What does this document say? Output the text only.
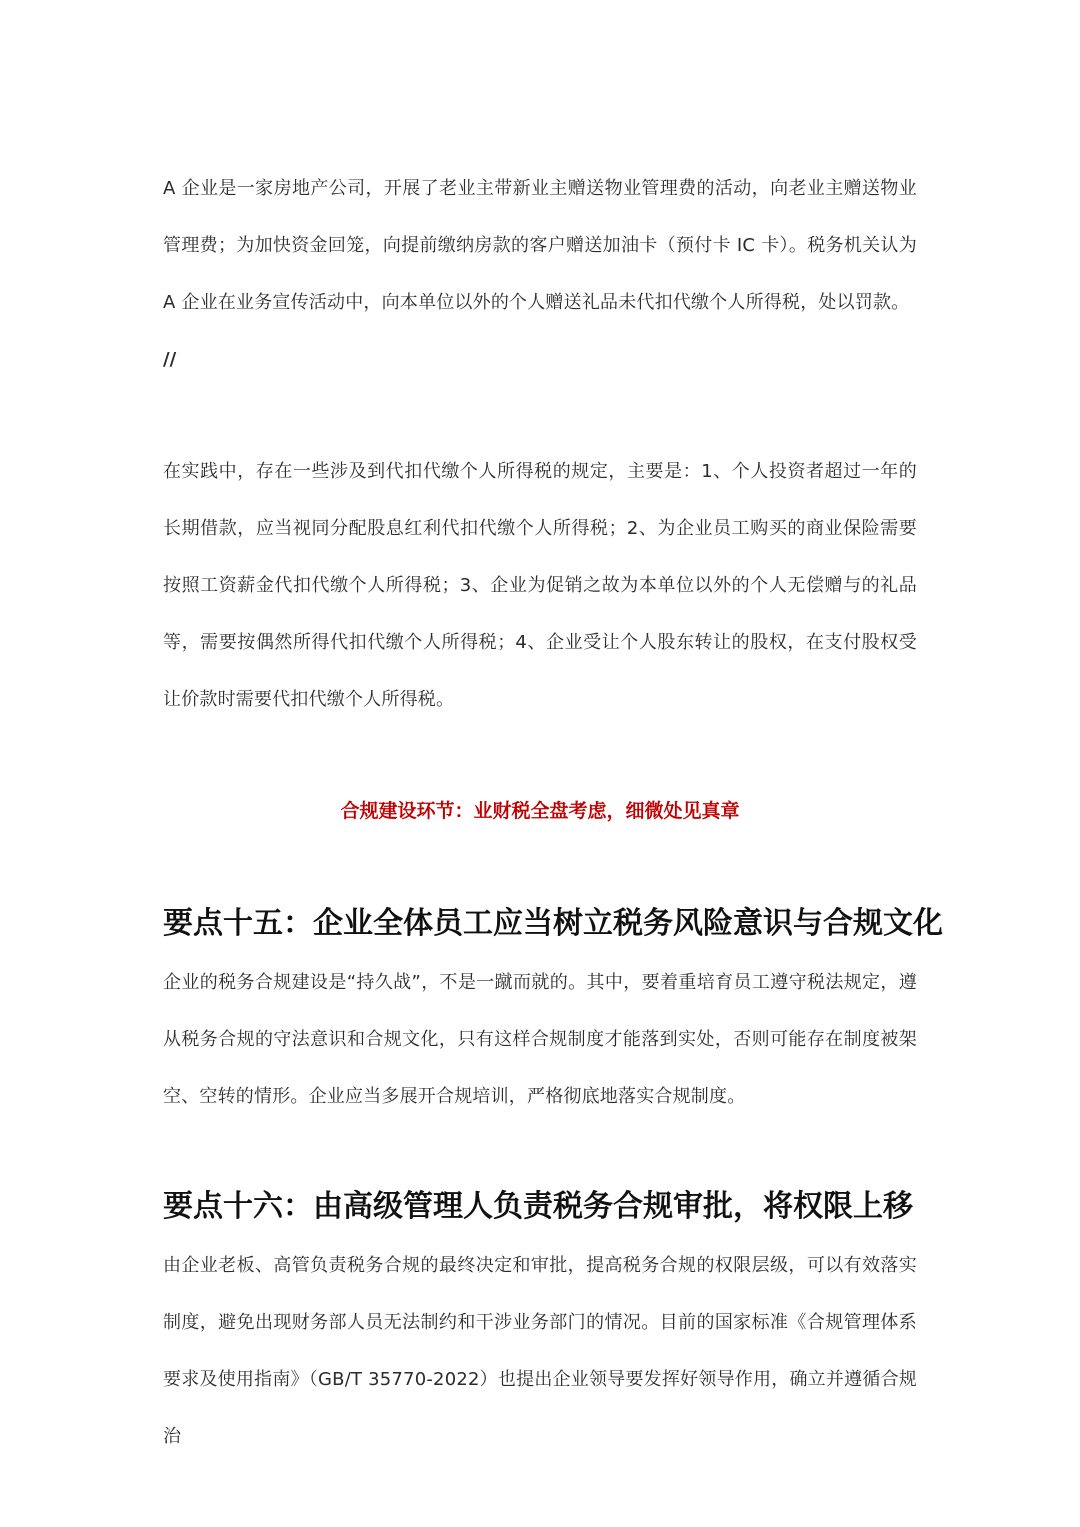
A 企业是一家房地产公司，开展了老业主带新业主赠送物业管理费的活动，向老业主赠送物业管理费；为加快资金回笼，向提前缴纳房款的客户赠送加油卡（预付卡 IC 卡）。税务机关认为 A 企业在业务宣传活动中，向本单位以外的个人赠送礼品未代扣代缴个人所得税，处以罚款。

//

在实践中，存在一些涉及到代扣代缴个人所得税的规定，主要是：1、个人投资者超过一年的长期借款，应当视同分配股息红利代扣代缴个人所得税；2、为企业员工购买的商业保险需要按照工资薪金代扣代缴个人所得税；3、企业为促销之故为本单位以外的个人无偿赠与的礼品等，需要按偶然所得代扣代缴个人所得税；4、企业受让个人股东转让的股权，在支付股权受让价款时需要代扣代缴个人所得税。

合规建设环节：业财税全盘考虑，细微处见真章
要点十五：企业全体员工应当树立税务风险意识与合规文化

企业的税务合规建设是“持久战”，不是一蹴而就的。其中，要着重培育员工遵守税法规定，遵从税务合规的守法意识和合规文化，只有这样合规制度才能落到实处，否则可能存在制度被架空、空转的情形。企业应当多展开合规培训，严格彻底地落实合规制度。

要点十六：由高级管理人负责税务合规审批，将权限上移

由企业老板、高管负责税务合规的最终决定和审批，提高税务合规的权限层级，可以有效落实制度，避免出现财务部人员无法制约和干涉业务部门的情况。目前的国家标准《合规管理体系 要求及使用指南》（GB/T 35770-2022）也提出企业领导要发挥好领导作用，确立并遵循合规治
